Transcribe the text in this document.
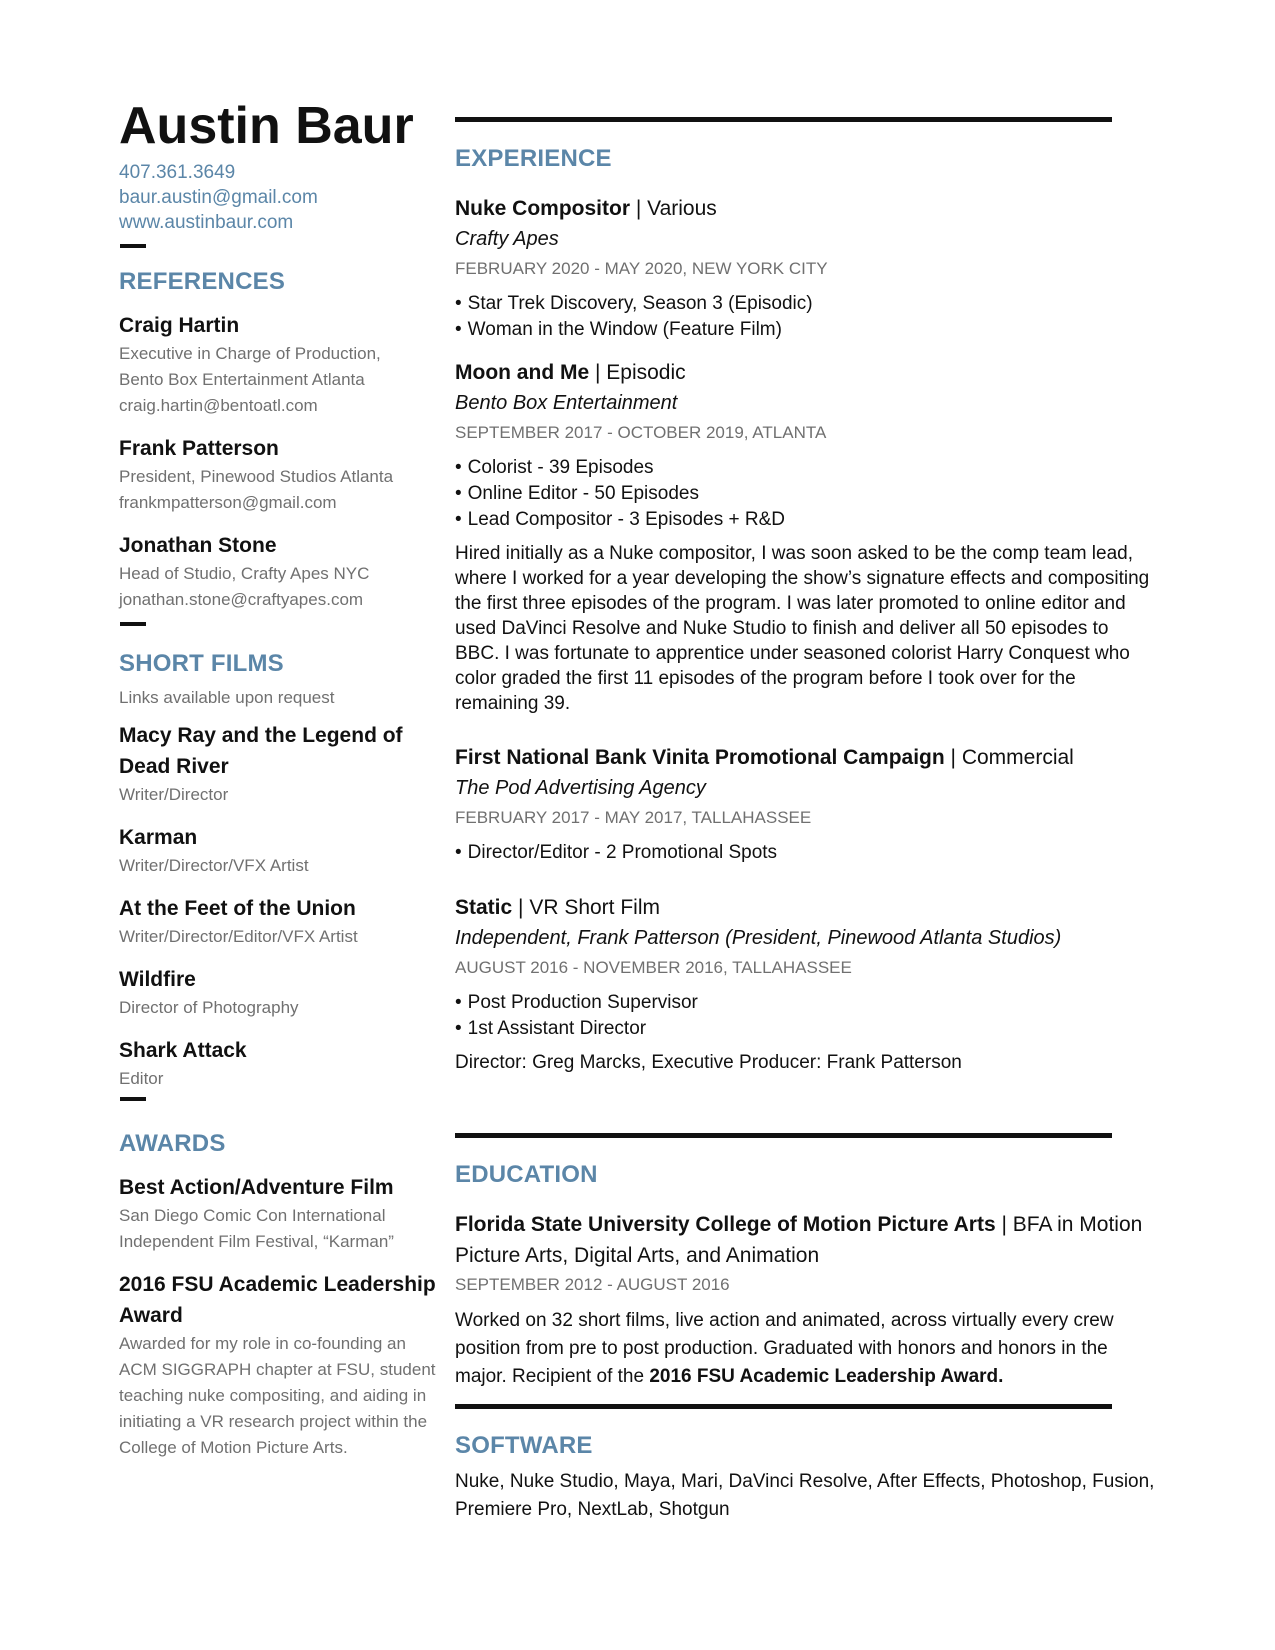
Austin Baur
407.361.3649
baur.austin@gmail.com
www.austinbaur.com
REFERENCES

Craig Hartin

Executive in Charge of Production,
Bento Box Entertainment Atlanta
craig.hartin@bentoatl.com

Frank Patterson

President, Pinewood Studios Atlanta
frankmpatterson@gmail.com

Jonathan Stone

Head of Studio, Crafty Apes NYC
jonathan.stone@craftyapes.com
SHORT FILMS
Links available upon request

Macy Ray and the Legend of Dead River

Writer/Director

Karman

Writer/Director/VFX Artist

At the Feet of the Union

Writer/Director/Editor/VFX Artist

Wildfire

Director of Photography

Shark Attack

Editor
AWARDS

Best Action/Adventure Film

San Diego Comic Con International Independent Film Festival, “Karman”

2016 FSU Academic Leadership Award

Awarded for my role in co-founding an ACM SIGGRAPH chapter at FSU, student teaching nuke compositing, and aiding in initiating a VR research project within the College of Motion Picture Arts.
EXPERIENCE

Nuke Compositor | Various

Crafty Apes
FEBRUARY 2020 - MAY 2020, NEW YORK CITY
• Star Trek Discovery, Season 3 (Episodic)
• Woman in the Window (Feature Film)

Moon and Me | Episodic

Bento Box Entertainment
SEPTEMBER 2017 - OCTOBER 2019, ATLANTA
• Colorist - 39 Episodes
• Online Editor - 50 Episodes
• Lead Compositor - 3 Episodes + R&D
Hired initially as a Nuke compositor, I was soon asked to be the comp team lead, where I worked for a year developing the show’s signature effects and compositing the first three episodes of the program. I was later promoted to online editor and used DaVinci Resolve and Nuke Studio to finish and deliver all 50 episodes to BBC. I was fortunate to apprentice under seasoned colorist Harry Conquest who color graded the first 11 episodes of the program before I took over for the remaining 39.

First National Bank Vinita Promotional Campaign | Commercial

The Pod Advertising Agency
FEBRUARY 2017 - MAY 2017, TALLAHASSEE
• Director/Editor - 2 Promotional Spots

Static | VR Short Film

Independent, Frank Patterson (President, Pinewood Atlanta Studios)
AUGUST 2016 - NOVEMBER 2016, TALLAHASSEE
• Post Production Supervisor
• 1st Assistant Director
Director: Greg Marcks, Executive Producer: Frank Patterson
EDUCATION

Florida State University College of Motion Picture Arts | BFA in Motion Picture Arts, Digital Arts, and Animation

SEPTEMBER 2012 - AUGUST 2016
Worked on 32 short films, live action and animated, across virtually every crew position from pre to post production. Graduated with honors and honors in the major. Recipient of the 2016 FSU Academic Leadership Award.
SOFTWARE
Nuke, Nuke Studio, Maya, Mari, DaVinci Resolve, After Effects, Photoshop, Fusion, Premiere Pro, NextLab, Shotgun
